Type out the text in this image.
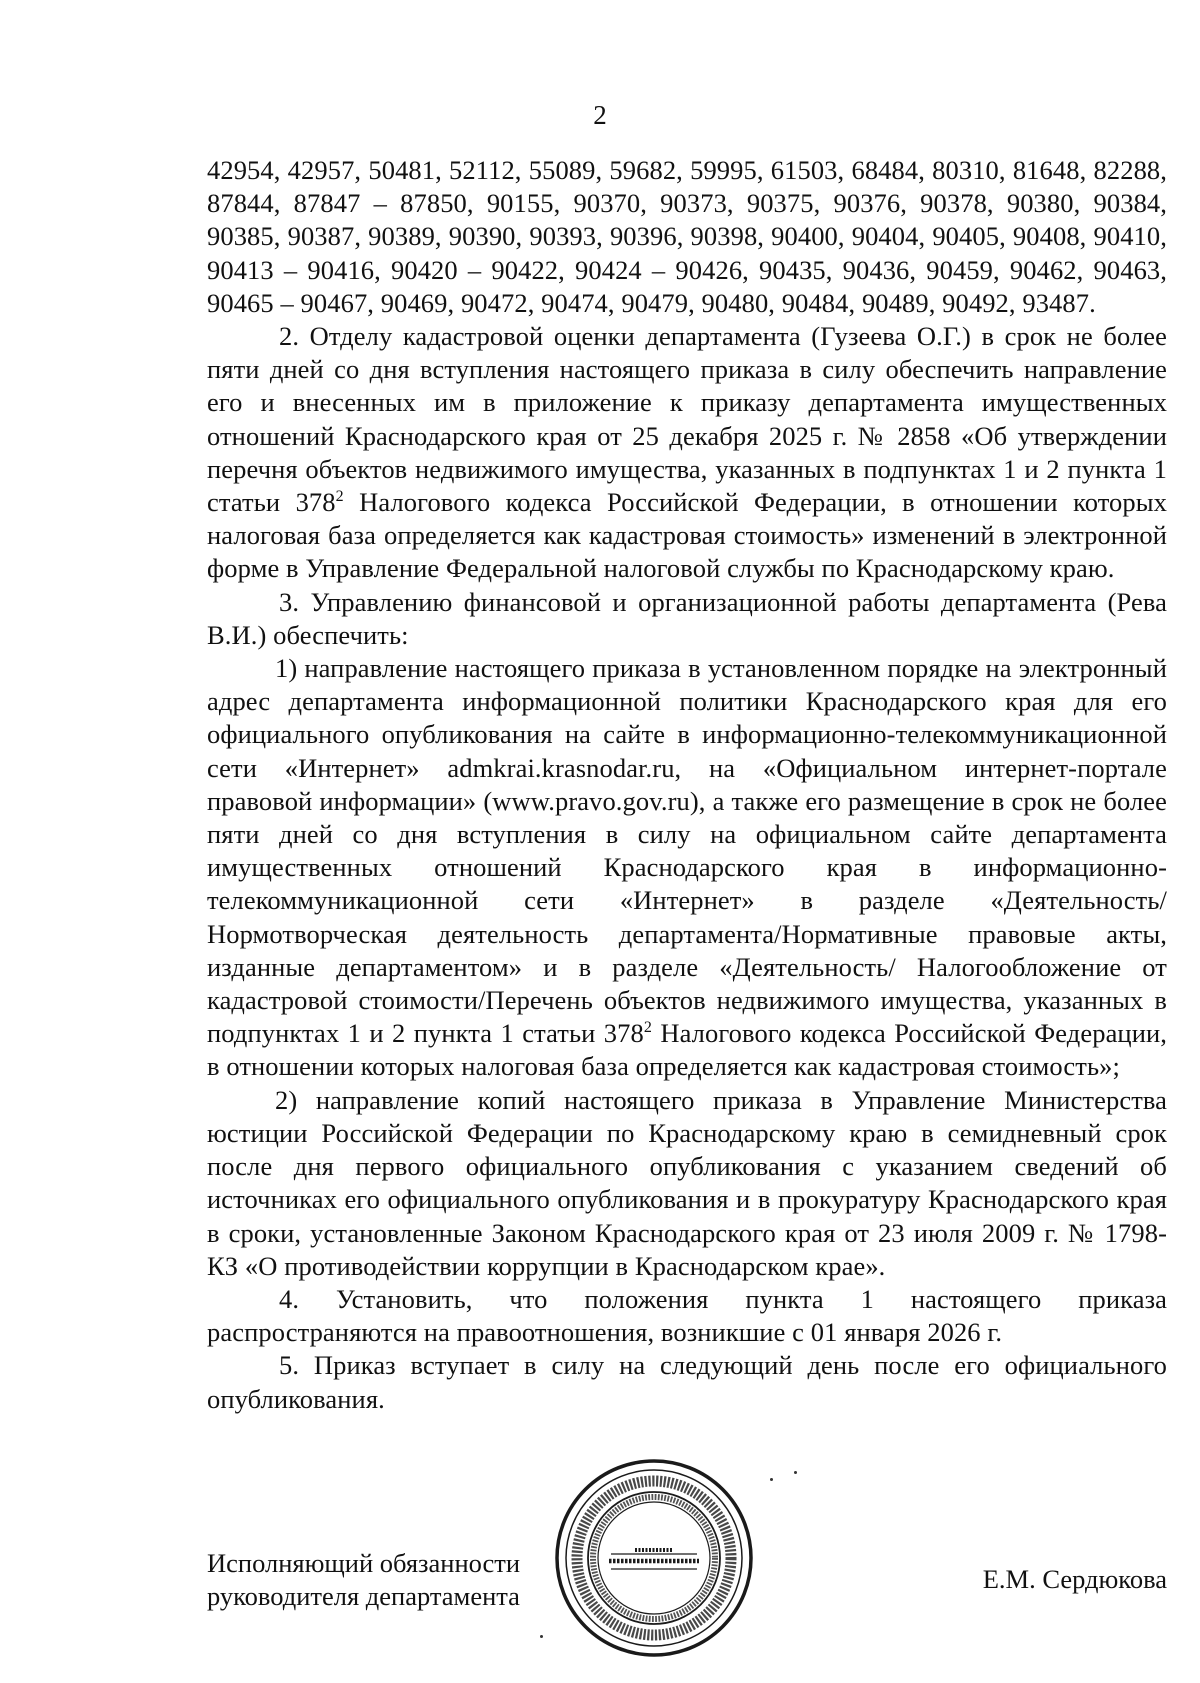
2

42954, 42957, 50481, 52112, 55089, 59682, 59995, 61503, 68484, 80310, 81648, 82288, 87844, 87847 – 87850, 90155, 90370, 90373, 90375, 90376, 90378, 90380, 90384, 90385, 90387, 90389, 90390, 90393, 90396, 90398, 90400, 90404, 90405, 90408, 90410, 90413 – 90416, 90420 – 90422, 90424 – 90426, 90435, 90436, 90459, 90462, 90463, 90465 – 90467, 90469, 90472, 90474, 90479, 90480, 90484, 90489, 90492, 93487.

2. Отделу кадастровой оценки департамента (Гузеева О.Г.) в срок не более пяти дней со дня вступления настоящего приказа в силу обеспечить направление его и внесенных им в приложение к приказу департамента имущественных отношений Краснодарского края от 25 декабря 2025 г. № 2858 «Об утверждении перечня объектов недвижимого имущества, указанных в подпунктах 1 и 2 пункта 1 статьи $378^2$ Налогового кодекса Российской Федерации, в отношении которых налоговая база определяется как кадастровая стоимость» изменений в электронной форме в Управление Федеральной налоговой службы по Краснодарскому краю.

3. Управлению финансовой и организационной работы департамента (Рева В.И.) обеспечить:

1) направление настоящего приказа в установленном порядке на электронный адрес департамента информационной политики Краснодарского края для его официального опубликования на сайте в информационно-телекоммуникационной сети «Интернет» admkrai.krasnodar.ru, на «Официальном интернет-портале правовой информации» (www.pravo.gov.ru), а также его размещение в срок не более пяти дней со дня вступления в силу на официальном сайте департамента имущественных отношений Краснодарского края в информационно-телекоммуникационной сети «Интернет» в разделе «Деятельность/Нормотворческая деятельность департамента/Нормативные правовые акты, изданные департаментом» и в разделе «Деятельность/ Налогообложение от кадастровой стоимости/Перечень объектов недвижимого имущества, указанных в подпунктах 1 и 2 пункта 1 статьи $378^2$ Налогового кодекса Российской Федерации, в отношении которых налоговая база определяется как кадастровая стоимость»;

2) направление копий настоящего приказа в Управление Министерства юстиции Российской Федерации по Краснодарскому краю в семидневный срок после дня первого официального опубликования с указанием сведений об источниках его официального опубликования и в прокуратуру Краснодарского края в сроки, установленные Законом Краснодарского края от 23 июля 2009 г. № 1798-КЗ «О противодействии коррупции в Краснодарском крае».

4. Установить, что положения пункта 1 настоящего приказа распространяются на правоотношения, возникшие с 01 января 2026 г.

5. Приказ вступает в силу на следующий день после его официального опубликования.

Исполняющий обязанности
руководителя департамента
Е.М. Сердюкова
